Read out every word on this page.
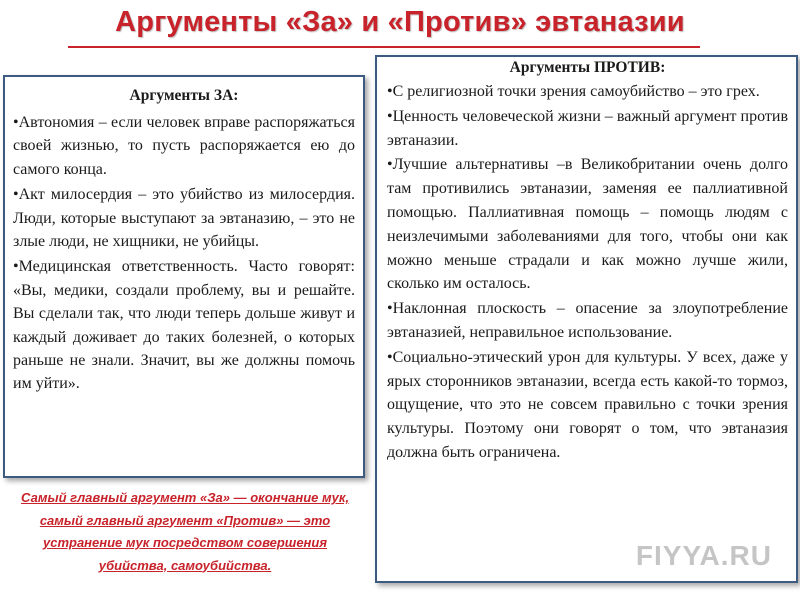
Аргументы «За» и «Против» эвтаназии
Аргументы ЗА:

•Автономия – если человек вправе распоряжаться своей жизнью, то пусть распоряжается ею до самого конца.

•Акт милосердия – это убийство из милосердия. Люди, которые выступают за эвтаназию, – это не злые люди, не хищники, не убийцы.

•Медицинская ответственность. Часто говорят: «Вы, медики, создали проблему, вы и решайте. Вы сделали так, что люди теперь дольше живут и каждый доживает до таких болезней, о которых раньше не знали. Значит, вы же должны помочь им уйти».

Аргументы ПРОТИВ:

•С религиозной точки зрения самоубийство – это грех.

•Ценность человеческой жизни – важный аргумент против эвтаназии.

•Лучшие альтернативы –в Великобритании очень долго там противились эвтаназии, заменяя ее паллиативной помощью. Паллиативная помощь – помощь людям с неизлечимыми заболеваниями для того, чтобы они как можно меньше страдали и как можно лучше жили, сколько им осталось.

•Наклонная плоскость – опасение за злоупотребление эвтаназией, неправильное использование.

•Социально-этический урон для культуры. У всех, даже у ярых сторонников эвтаназии, всегда есть какой-то тормоз, ощущение, что это не совсем правильно с точки зрения культуры. Поэтому они говорят о том, что эвтаназия должна быть ограничена.

Самый главный аргумент «За» — окончание мук, самый главный аргумент «Против» — это устранение мук посредством совершения убийства, самоубийства.	FIYYA.RU
